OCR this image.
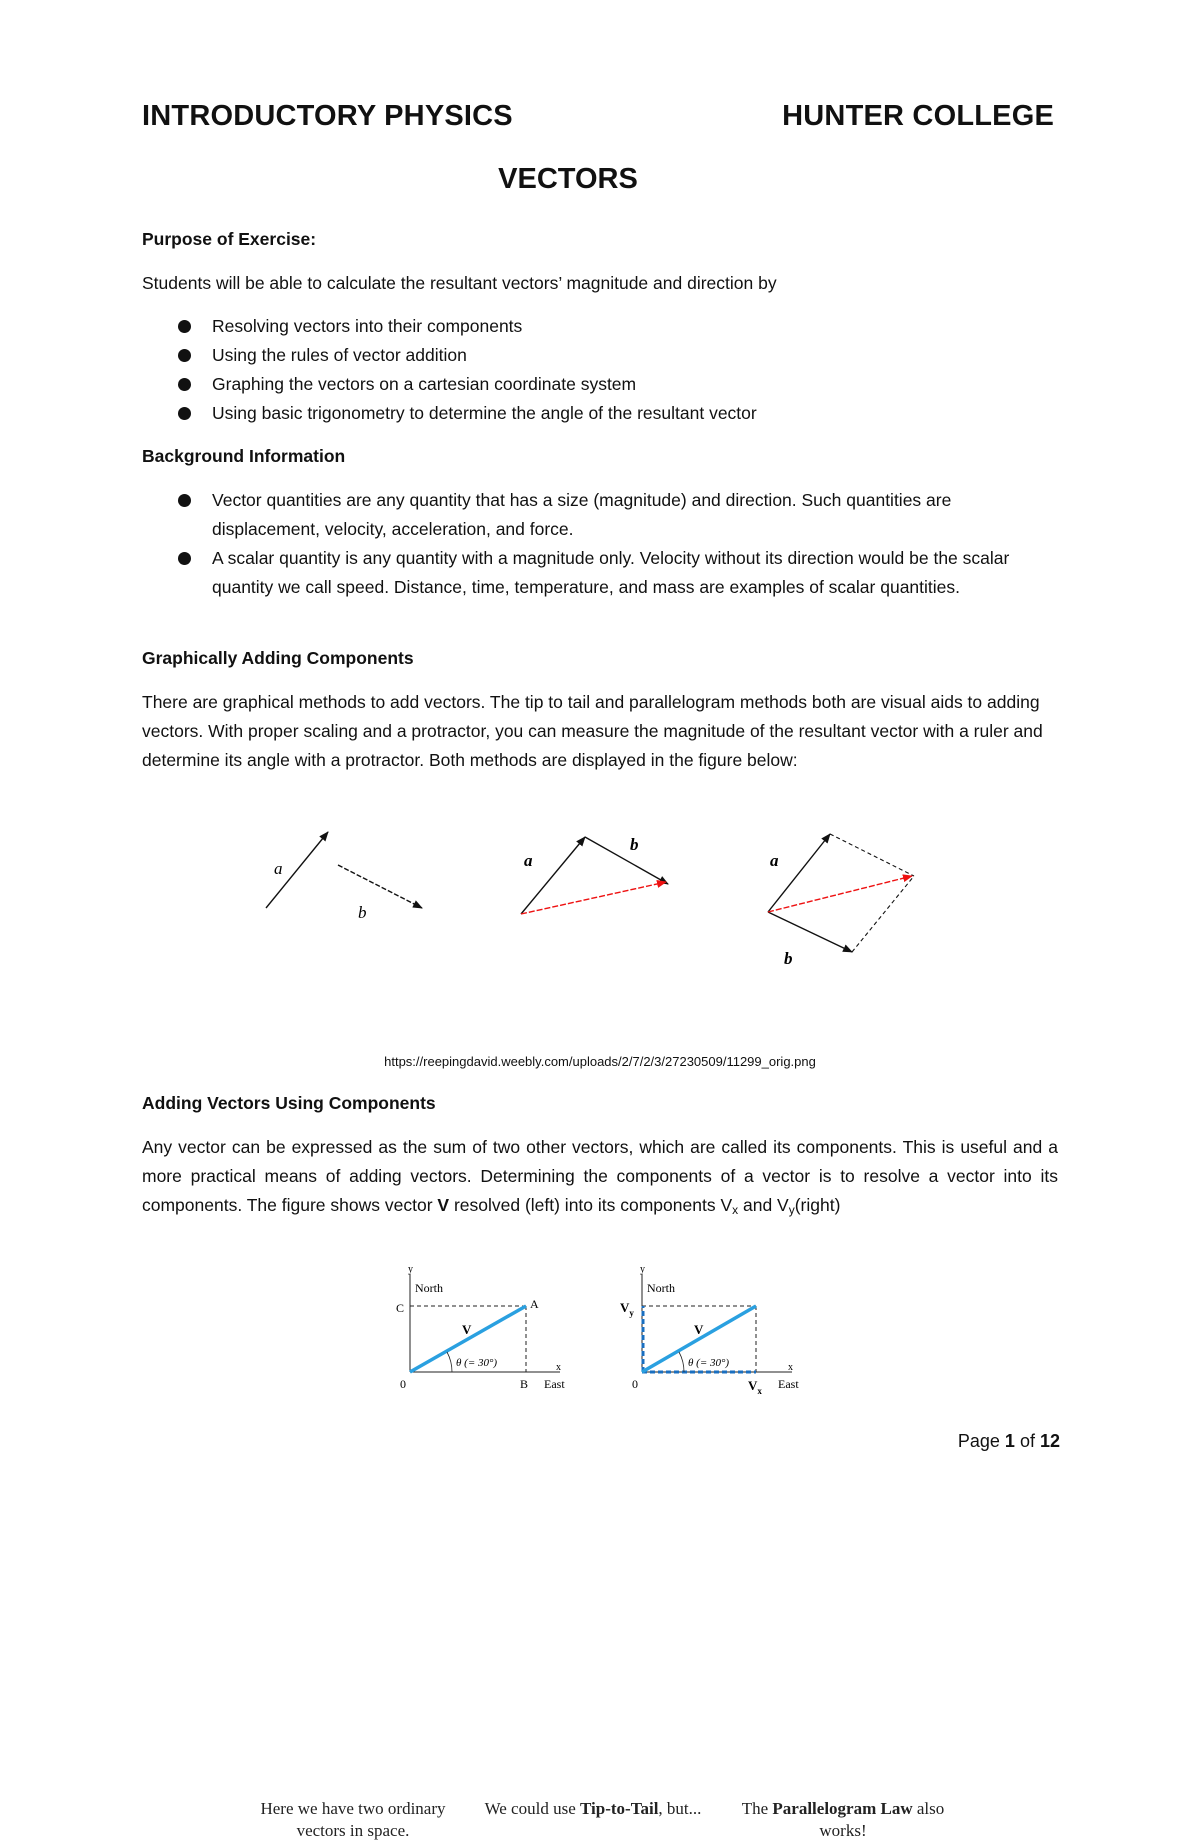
INTRODUCTORY PHYSICS	HUNTER COLLEGE
VECTORS
Purpose of Exercise:
Students will be able to calculate the resultant vectors’ magnitude and direction by
Resolving vectors into their components
Using the rules of vector addition
Graphing the vectors on a cartesian coordinate system
Using basic trigonometry to determine the angle of the resultant vector
Background Information
Vector quantities are any quantity that has a size (magnitude) and direction. Such quantities are displacement, velocity, acceleration, and force.
A scalar quantity is any quantity with a magnitude only. Velocity without its direction would be the scalar quantity we call speed. Distance, time, temperature, and mass are examples of scalar quantities.
Graphically Adding Components
There are graphical methods to add vectors. The tip to tail and parallelogram methods both are visual aids to adding vectors. With proper scaling and a protractor, you can measure the magnitude of the resultant vector with a ruler and determine its angle with a protractor. Both methods are displayed in the figure below:
a
b
a
b
a
b
Here we have two ordinary vectors in space.
We could use Tip-to-Tail, but...	The Parallelogram Law also works!
https://reepingdavid.weebly.com/uploads/2/7/2/3/27230509/11299_orig.png
Adding Vectors Using Components
Any vector can be expressed as the sum of two other vectors, which are called its components. This is useful and a more practical means of adding vectors. Determining the components of a vector is to resolve a vector into its components. The figure shows vector V resolved (left) into its components $V_x$ and $V_y(right)$
y
North
C	A
V
θ (= 30°)	x
0	B East
y
North
$V_y$
V
θ (= 30°)	x
0	$V_x$ East
Page 1 of 12
